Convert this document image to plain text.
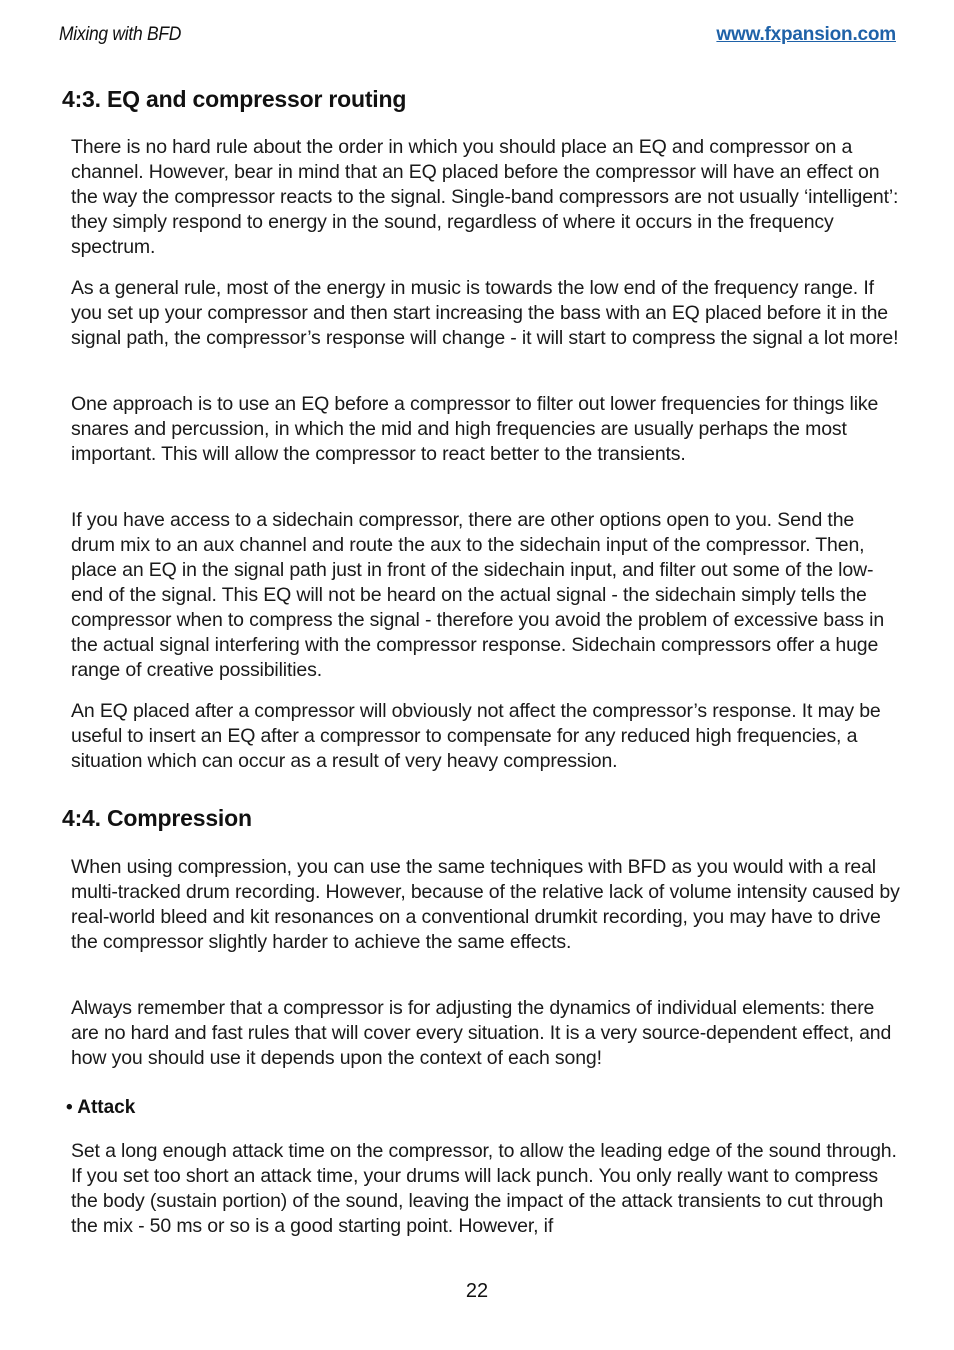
Mixing with BFD	www.fxpansion.com
4:3. EQ and compressor routing

There is no hard rule about the order in which you should place an EQ and compressor on a channel. However, bear in mind that an EQ placed before the compressor will have an effect on the way the compressor reacts to the signal. Single-band compressors are not usually ‘intelligent’: they simply respond to energy in the sound, regardless of where it occurs in the frequency spectrum.

As a general rule, most of the energy in music is towards the low end of the frequency range. If you set up your compressor and then start increasing the bass with an EQ placed before it in the signal path, the compressor’s response will change - it will start to compress the signal a lot more!

One approach is to use an EQ before a compressor to filter out lower frequencies for things like snares and percussion, in which the mid and high frequencies are usually perhaps the most important. This will allow the compressor to react better to the transients.

If you have access to a sidechain compressor, there are other options open to you. Send the drum mix to an aux channel and route the aux to the sidechain input of the compressor. Then, place an EQ in the signal path just in front of the sidechain input, and filter out some of the low-end of the signal. This EQ will not be heard on the actual signal - the sidechain simply tells the compressor when to compress the signal - therefore you avoid the problem of excessive bass in the actual signal interfering with the compressor response. Sidechain compressors offer a huge range of creative possibilities.

An EQ placed after a compressor will obviously not affect the compressor’s response. It may be useful to insert an EQ after a compressor to compensate for any reduced high frequencies, a situation which can occur as a result of very heavy compression.

4:4. Compression

When using compression, you can use the same techniques with BFD as you would with a real multi-tracked drum recording. However, because of the relative lack of volume intensity caused by real-world bleed and kit resonances on a conventional drumkit recording, you may have to drive the compressor slightly harder to achieve the same effects.

Always remember that a compressor is for adjusting the dynamics of individual elements: there are no hard and fast rules that will cover every situation. It is a very source-dependent effect, and how you should use it depends upon the context of each song!

• Attack

Set a long enough attack time on the compressor, to allow the leading edge of the sound through. If you set too short an attack time, your drums will lack punch. You only really want to compress the body (sustain portion) of the sound, leaving the impact of the attack transients to cut through the mix - 50 ms or so is a good starting point. However, if

22
